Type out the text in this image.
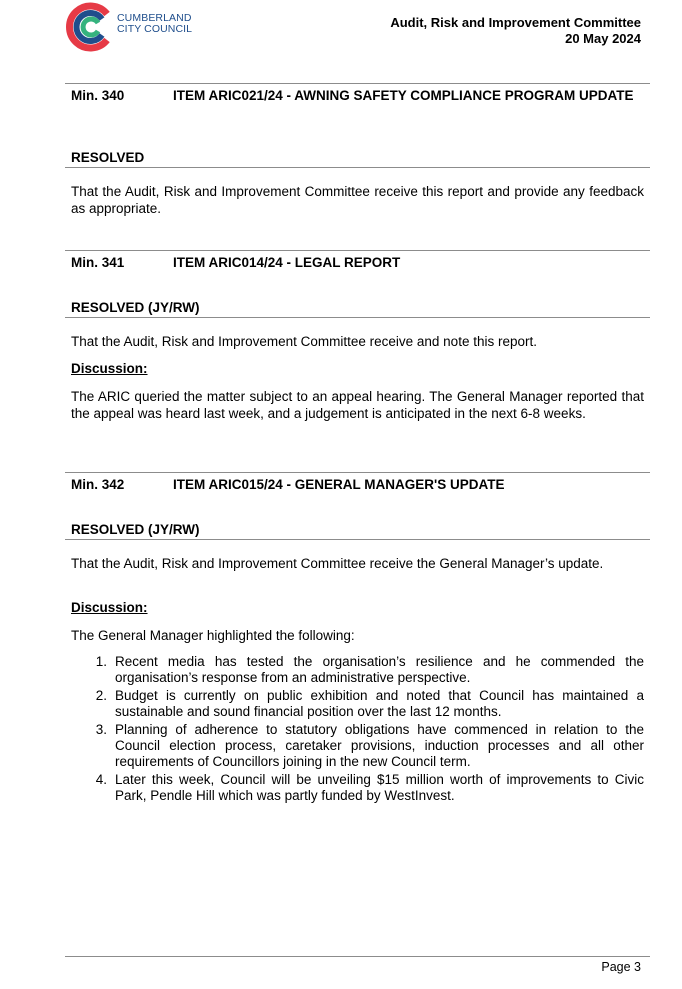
CUMBERLAND
CITY COUNCIL	Audit, Risk and Improvement Committee
20 May 2024
Min. 340	ITEM ARIC021/24 - AWNING SAFETY COMPLIANCE PROGRAM UPDATE
RESOLVED
That the Audit, Risk and Improvement Committee receive this report and provide any feedback as appropriate.
Min. 341	ITEM ARIC014/24 - LEGAL REPORT
RESOLVED (JY/RW)
That the Audit, Risk and Improvement Committee receive and note this report.
Discussion:
The ARIC queried the matter subject to an appeal hearing. The General Manager reported that the appeal was heard last week, and a judgement is anticipated in the next 6-8 weeks.
Min. 342	ITEM ARIC015/24 - GENERAL MANAGER'S UPDATE
RESOLVED (JY/RW)
That the Audit, Risk and Improvement Committee receive the General Manager’s update.
Discussion:
The General Manager highlighted the following:
1. Recent media has tested the organisation’s resilience and he commended the organisation’s response from an administrative perspective.
2. Budget is currently on public exhibition and noted that Council has maintained a sustainable and sound financial position over the last 12 months.
3. Planning of adherence to statutory obligations have commenced in relation to the Council election process, caretaker provisions, induction processes and all other requirements of Councillors joining in the new Council term.
4. Later this week, Council will be unveiling $15 million worth of improvements to Civic Park, Pendle Hill which was partly funded by WestInvest.
Page 3
